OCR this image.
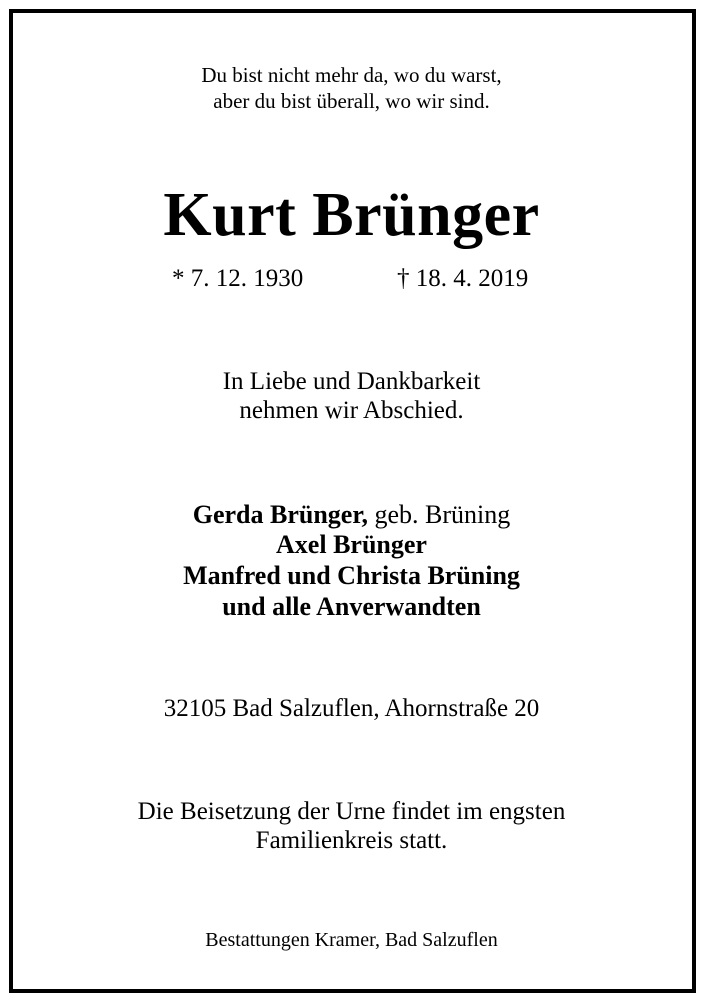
Du bist nicht mehr da, wo du warst,
aber du bist überall, wo wir sind.
Kurt Brünger
* 7. 12. 1930	† 18. 4. 2019
In Liebe und Dankbarkeit
nehmen wir Abschied.
Gerda Brünger, geb. Brüning
Axel Brünger
Manfred und Christa Brüning
und alle Anverwandten
32105 Bad Salzuflen, Ahornstraße 20
Die Beisetzung der Urne findet im engsten
Familienkreis statt.
Bestattungen Kramer, Bad Salzuflen
